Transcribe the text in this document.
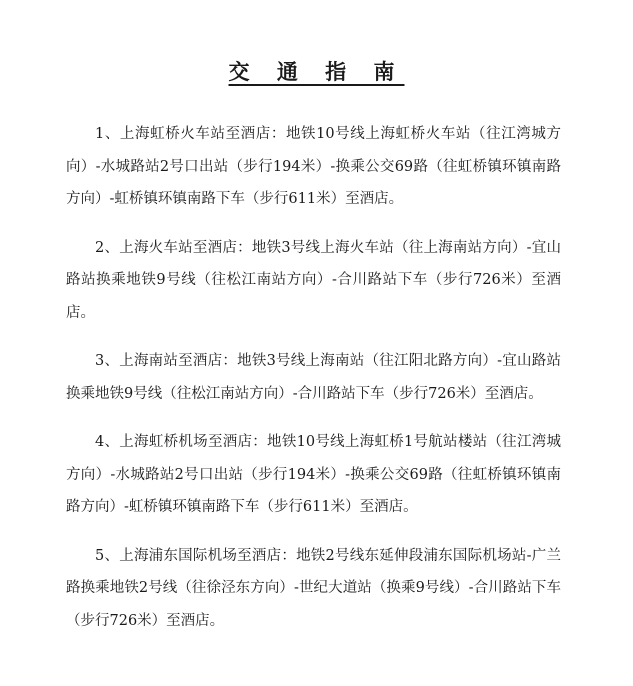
交 通 指 南

1、上海虹桥火车站至酒店：地铁10号线上海虹桥火车站（往江湾城方向）-水城路站2号口出站（步行194米）-换乘公交69路（往虹桥镇环镇南路方向）-虹桥镇环镇南路下车（步行611米）至酒店。

2、上海火车站至酒店：地铁3号线上海火车站（往上海南站方向）-宜山路站换乘地铁9号线（往松江南站方向）-合川路站下车（步行726米）至酒店。

3、上海南站至酒店：地铁3号线上海南站（往江阳北路方向）-宜山路站换乘地铁9号线（往松江南站方向）-合川路站下车（步行726米）至酒店。

4、上海虹桥机场至酒店：地铁10号线上海虹桥1号航站楼站（往江湾城方向）-水城路站2号口出站（步行194米）-换乘公交69路（往虹桥镇环镇南路方向）-虹桥镇环镇南路下车（步行611米）至酒店。

5、上海浦东国际机场至酒店：地铁2号线东延伸段浦东国际机场站-广兰路换乘地铁2号线（往徐泾东方向）-世纪大道站（换乘9号线）-合川路站下车（步行726米）至酒店。
